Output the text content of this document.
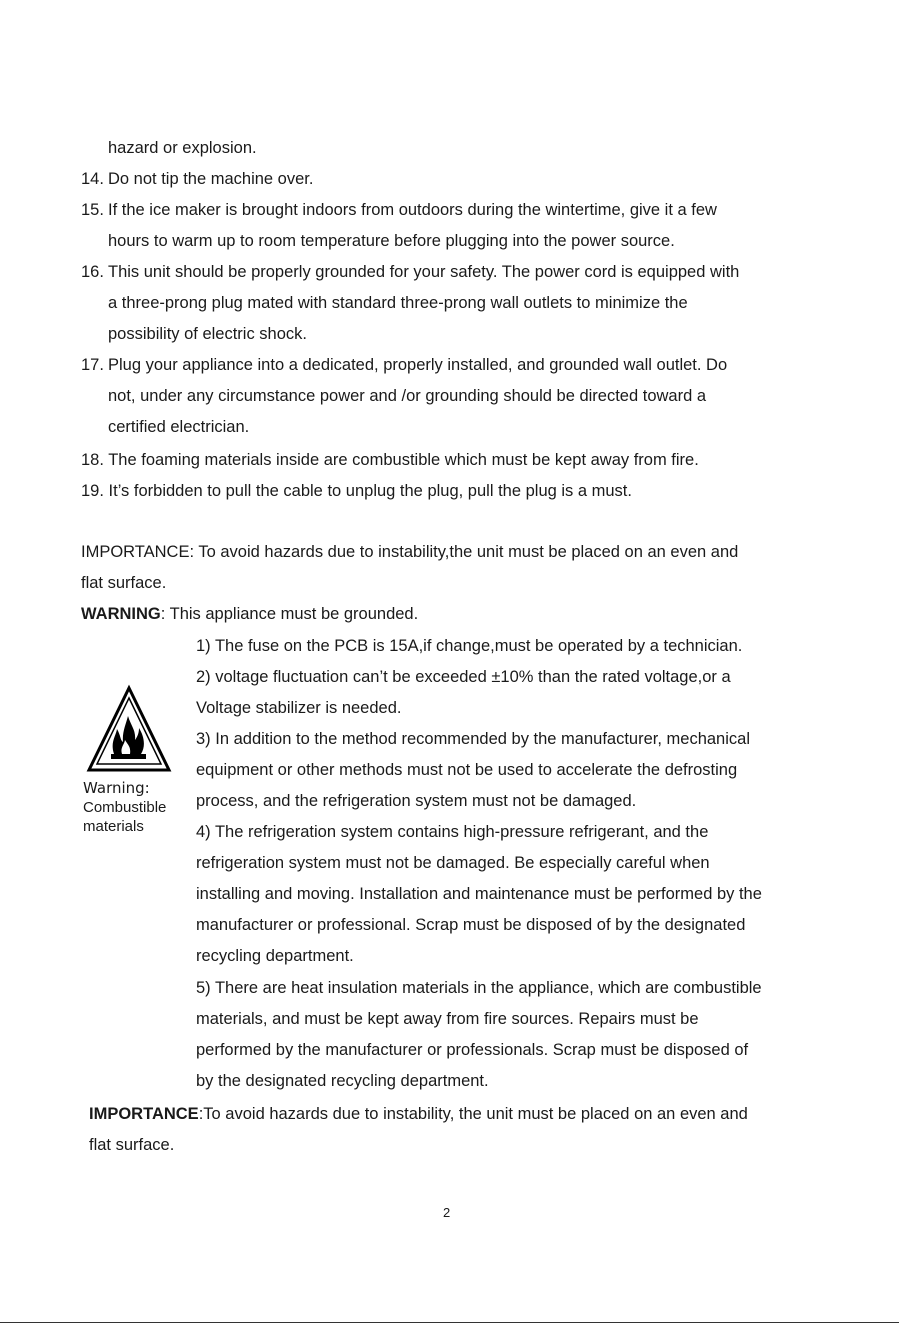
hazard or explosion.
14. Do not tip the machine over.
15. If the ice maker is brought indoors from outdoors during the wintertime, give it a few
hours to warm up to room temperature before plugging into the power source.
16. This unit should be properly grounded for your safety. The power cord is equipped with
a three-prong plug mated with standard three-prong wall outlets to minimize the
possibility of electric shock.
17. Plug your appliance into a dedicated, properly installed, and grounded wall outlet. Do
not, under any circumstance power and /or grounding should be directed toward a
certified electrician.
18. The foaming materials inside are combustible which must be kept away from fire.
19. It’s forbidden to pull the cable to unplug the plug, pull the plug is a must.
IMPORTANCE: To avoid hazards due to instability,the unit must be placed on an even and
flat surface.
WARNING: This appliance must be grounded.
1) The fuse on the PCB is 15A,if change,must be operated by a technician.
2) voltage fluctuation can’t be exceeded ±10% than the rated voltage,or a
Voltage stabilizer is needed.
3) In addition to the method recommended by the manufacturer, mechanical
equipment or other methods must not be used to accelerate the defrosting
process, and the refrigeration system must not be damaged.
4) The refrigeration system contains high-pressure refrigerant, and the
refrigeration system must not be damaged. Be especially careful when
installing and moving. Installation and maintenance must be performed by the
manufacturer or professional. Scrap must be disposed of by the designated
recycling department.
5) There are heat insulation materials in the appliance, which are combustible
materials, and must be kept away from fire sources. Repairs must be
performed by the manufacturer or professionals. Scrap must be disposed of
by the designated recycling department.
Warning:
Combustible
materials
IMPORTANCE:To avoid hazards due to instability, the unit must be placed on an even and
flat surface.
2
